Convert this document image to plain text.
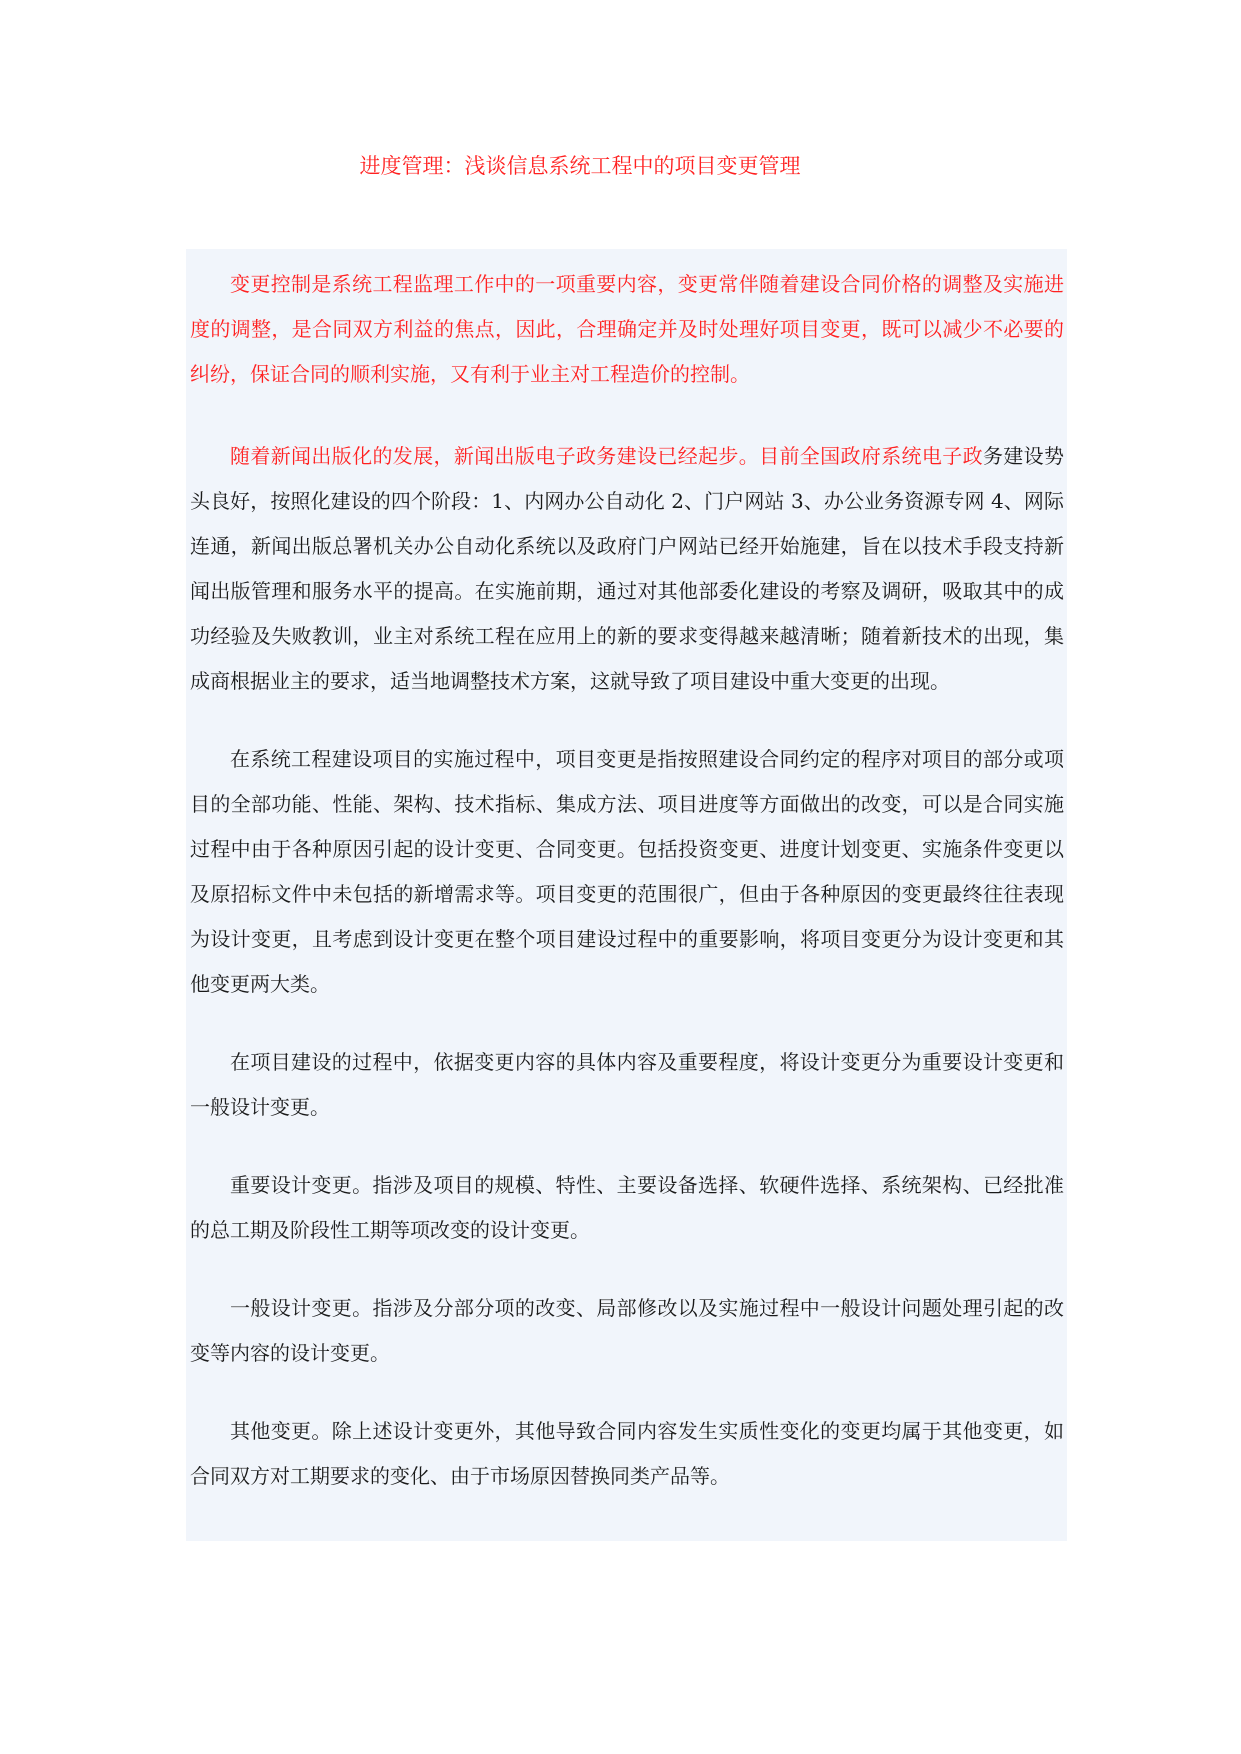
进度管理：浅谈信息系统工程中的项目变更管理

变更控制是系统工程监理工作中的一项重要内容，变更常伴随着建设合同价格的调整及实施进度的调整，是合同双方利益的焦点，因此，合理确定并及时处理好项目变更，既可以减少不必要的纠纷，保证合同的顺利实施，又有利于业主对工程造价的控制。

随着新闻出版化的发展，新闻出版电子政务建设已经起步。目前全国政府系统电子政务建设势头良好，按照化建设的四个阶段：1、内网办公自动化 2、门户网站 3、办公业务资源专网 4、网际连通，新闻出版总署机关办公自动化系统以及政府门户网站已经开始施建，旨在以技术手段支持新闻出版管理和服务水平的提高。在实施前期，通过对其他部委化建设的考察及调研，吸取其中的成功经验及失败教训，业主对系统工程在应用上的新的要求变得越来越清晰；随着新技术的出现，集成商根据业主的要求，适当地调整技术方案，这就导致了项目建设中重大变更的出现。

在系统工程建设项目的实施过程中，项目变更是指按照建设合同约定的程序对项目的部分或项目的全部功能、性能、架构、技术指标、集成方法、项目进度等方面做出的改变，可以是合同实施过程中由于各种原因引起的设计变更、合同变更。包括投资变更、进度计划变更、实施条件变更以及原招标文件中未包括的新增需求等。项目变更的范围很广，但由于各种原因的变更最终往往表现为设计变更，且考虑到设计变更在整个项目建设过程中的重要影响，将项目变更分为设计变更和其他变更两大类。

在项目建设的过程中，依据变更内容的具体内容及重要程度，将设计变更分为重要设计变更和一般设计变更。

重要设计变更。指涉及项目的规模、特性、主要设备选择、软硬件选择、系统架构、已经批准的总工期及阶段性工期等项改变的设计变更。

一般设计变更。指涉及分部分项的改变、局部修改以及实施过程中一般设计问题处理引起的改变等内容的设计变更。

其他变更。除上述设计变更外，其他导致合同内容发生实质性变化的变更均属于其他变更，如合同双方对工期要求的变化、由于市场原因替换同类产品等。
